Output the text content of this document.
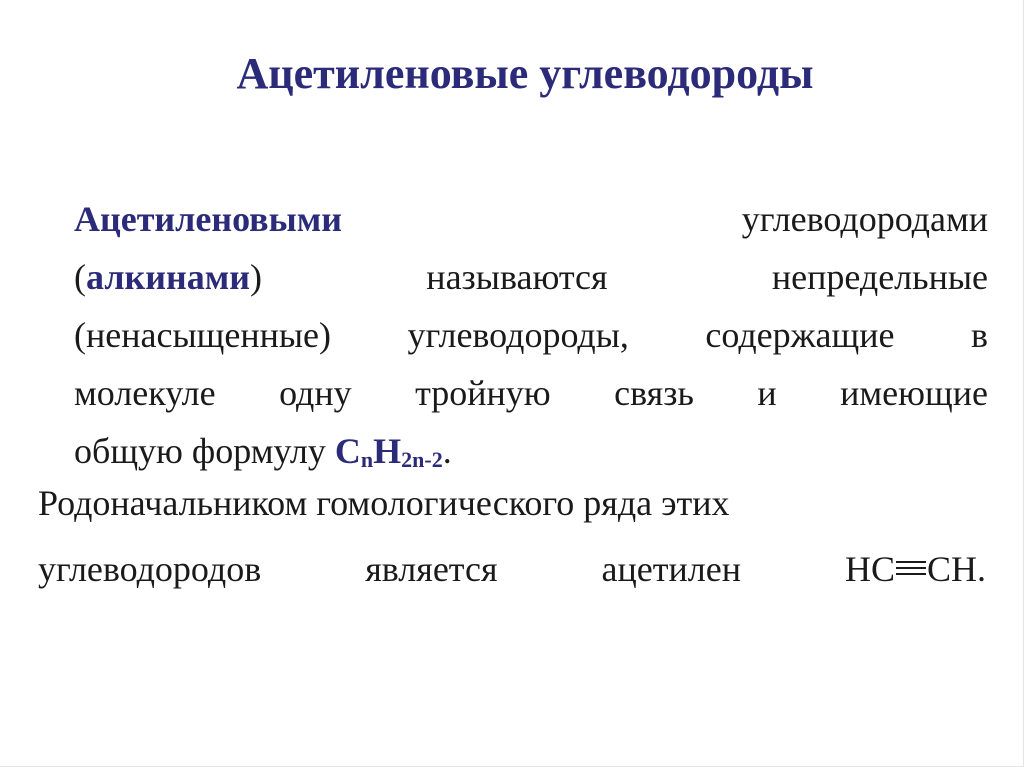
Ацетиленовые углеводороды
Ацетиленовыми	углеводородами
(алкинами)	называются	непредельные
(ненасыщенные) углеводороды, содержащие в
молекуле одну тройную связь и имеющие
общую формулу $C_nH_{2n-2}$.
Родоначальником гомологического ряда этих
углеводородов	является	ацетилен	HC CH.
